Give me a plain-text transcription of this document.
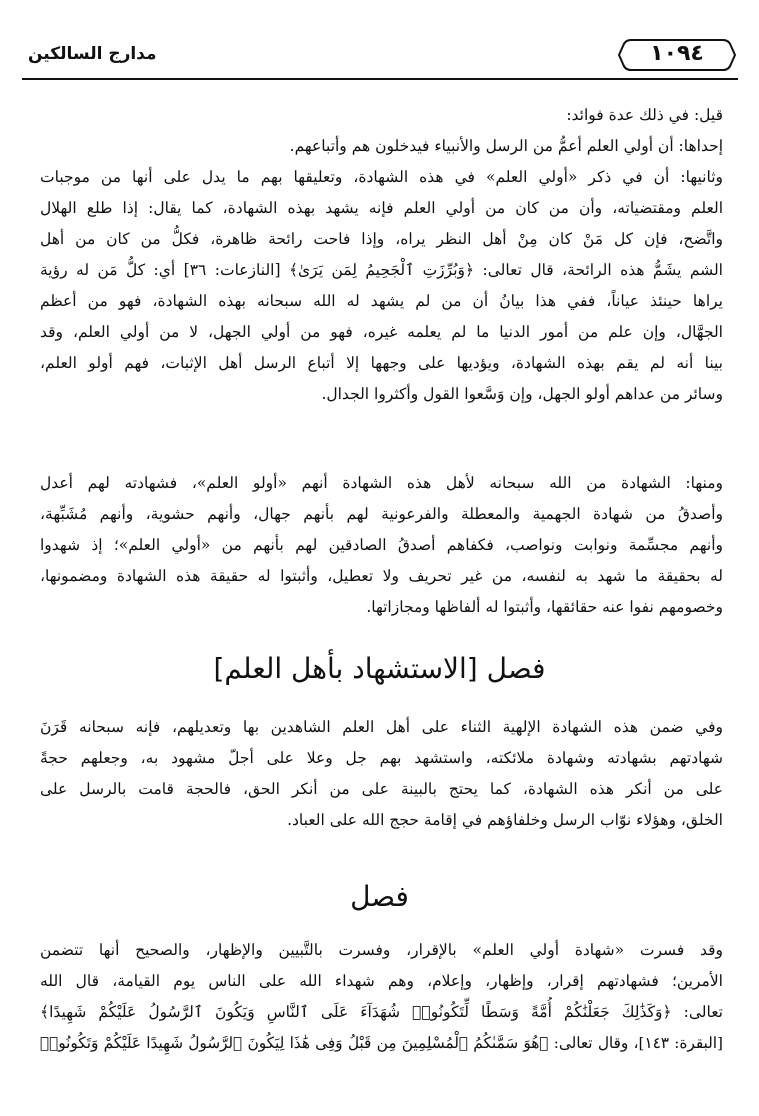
مدارج السالكين	١٠٩٤
قيل: في ذلك عدة فوائد:
إحداها: أن أولي العلم أعمُّ من الرسل والأنبياء فيدخلون هم وأتباعهم.
وثانيها: أن في ذكر «أولي العلم» في هذه الشهادة، وتعليقها بهم ما يدل على أنها من موجبات
العلم ومقتضياته، وأن من كان من أولي العلم فإنه يشهد بهذه الشهادة، كما يقال: إذا طلع الهلال
واتَّضح، فإن كل مَنْ كان مِنْ أهل النظر يراه، وإذا فاحت رائحة ظاهرة، فكلُّ من كان من أهل
الشم يشَمُّ هذه الرائحة، قال تعالى: ﴿وَبُرِّزَتِ ٱلْجَحِيمُ لِمَن يَرَىٰ﴾ [النازعات: ٣٦] أي: كلُّ مَن له رؤية
يراها حينئذ عياناً، ففي هذا بيانُ أن من لم يشهد له الله سبحانه بهذه الشهادة، فهو من أعظم
الجهَّال، وإن علم من أمور الدنيا ما لم يعلمه غيره، فهو من أولي الجهل، لا من أولي العلم، وقد
بينا أنه لم يقم بهذه الشهادة، ويؤديها على وجهها إلا أتباع الرسل أهل الإثبات، فهم أولو العلم،
وسائر من عداهم أولو الجهل، وإن وَسَّعوا القول وأكثروا الجدال.
ومنها: الشهادة من الله سبحانه لأهل هذه الشهادة أنهم «أولو العلم»، فشهادته لهم أعدل
وأصدقُ من شهادة الجهمية والمعطلة والفرعونية لهم بأنهم جهال، وأنهم حشوية، وأنهم مُشَبِّهة،
وأنهم مجسِّمة ونوابت ونواصب، فكفاهم أصدقُ الصادقين لهم بأنهم من «أولي العلم»؛ إذ شهدوا
له بحقيقة ما شهد به لنفسه، من غير تحريف ولا تعطيل، وأثبتوا له حقيقة هذه الشهادة ومضمونها،
وخصومهم نفوا عنه حقائقها، وأثبتوا له ألفاظها ومجازاتها.
فصل [الاستشهاد بأهل العلم]
وفي ضمن هذه الشهادة الإلهية الثناء على أهل العلم الشاهدين بها وتعديلهم، فإنه سبحانه قَرَنَ
شهادتهم بشهادته وشهادة ملائكته، واستشهد بهم جل وعلا على أجلّ مشهود به، وجعلهم حجةً
على من أنكر هذه الشهادة، كما يحتج بالبينة على من أنكر الحق، فالحجة قامت بالرسل على
الخلق، وهؤلاء نوّاب الرسل وخلفاؤهم في إقامة حجج الله على العباد.
فصل
وقد فسرت «شهادة أولي العلم» بالإقرار، وفسرت بالتَّبيين والإظهار، والصحيح أنها تتضمن
الأمرين؛ فشهادتهم إقرار، وإظهار، وإعلام، وهم شهداء الله على الناس يوم القيامة، قال الله
تعالى: ﴿وَكَذَٰلِكَ جَعَلْنَٰكُمْ أُمَّةً وَسَطًا لِّتَكُونُوا۟ شُهَدَآءَ عَلَى ٱلنَّاسِ وَيَكُونَ ٱلرَّسُولُ عَلَيْكُمْ شَهِيدًا﴾
[البقرة: ١٤٣]، وقال تعالى: ﴿هُوَ سَمَّىٰكُمُ ٱلْمُسْلِمِينَ مِن قَبْلُ وَفِى هَٰذَا لِيَكُونَ ٱلرَّسُولُ شَهِيدًا عَلَيْكُمْ وَتَكُونُوا۟
